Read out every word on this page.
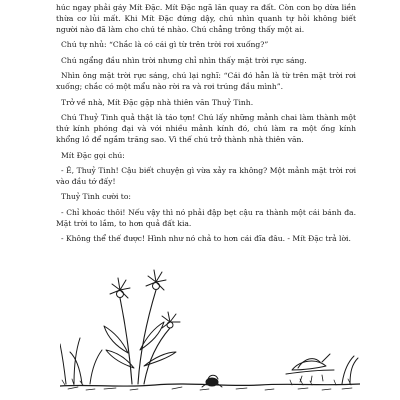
húc ngay phải gáy Mít Đặc. Mít Đặc ngã lăn quay ra đất. Còn con bọ dừa liền thừa cơ lủi mất. Khi Mít Đặc đứng dậy, chú nhìn quanh tự hỏi không biết người nào đã làm cho chú té nhào. Chú chẳng trông thấy một ai.

Chú tự nhủ: “Chắc là có cái gì từ trên trời rơi xuống?”

Chú ngẩng đầu nhìn trời nhưng chỉ nhìn thấy mặt trời rực sáng.

Nhìn ông mặt trời rực sáng, chú lại nghĩ: “Cái đó hẳn là từ trên mặt trời rơi xuống; chắc có một mẩu nào rời ra và rơi trúng đầu mình”.

Trở về nhà, Mít Đặc gặp nhà thiên văn Thuỷ Tinh.

Chú Thuỷ Tinh quả thật là táo tợn! Chú lấy những mảnh chai làm thành một thứ kính phóng đại và với nhiều mảnh kính đó, chú làm ra một ống kính khổng lồ để ngắm trăng sao. Vì thế chú trở thành nhà thiên văn.

Mít Đặc gọi chú:

- Ê, Thuỷ Tinh! Cậu biết chuyện gì vừa xảy ra không? Một mảnh mặt trời rơi vào đầu tớ đấy!

Thuỷ Tinh cười to:

- Chỉ khoác thôi! Nếu vậy thì nó phải đập bẹt cậu ra thành một cái bánh đa. Mặt trời to lắm, to hơn quả đất kia.

- Không thể thế được! Hình như nó chả to hơn cái đĩa đâu. - Mít Đặc trả lời.
